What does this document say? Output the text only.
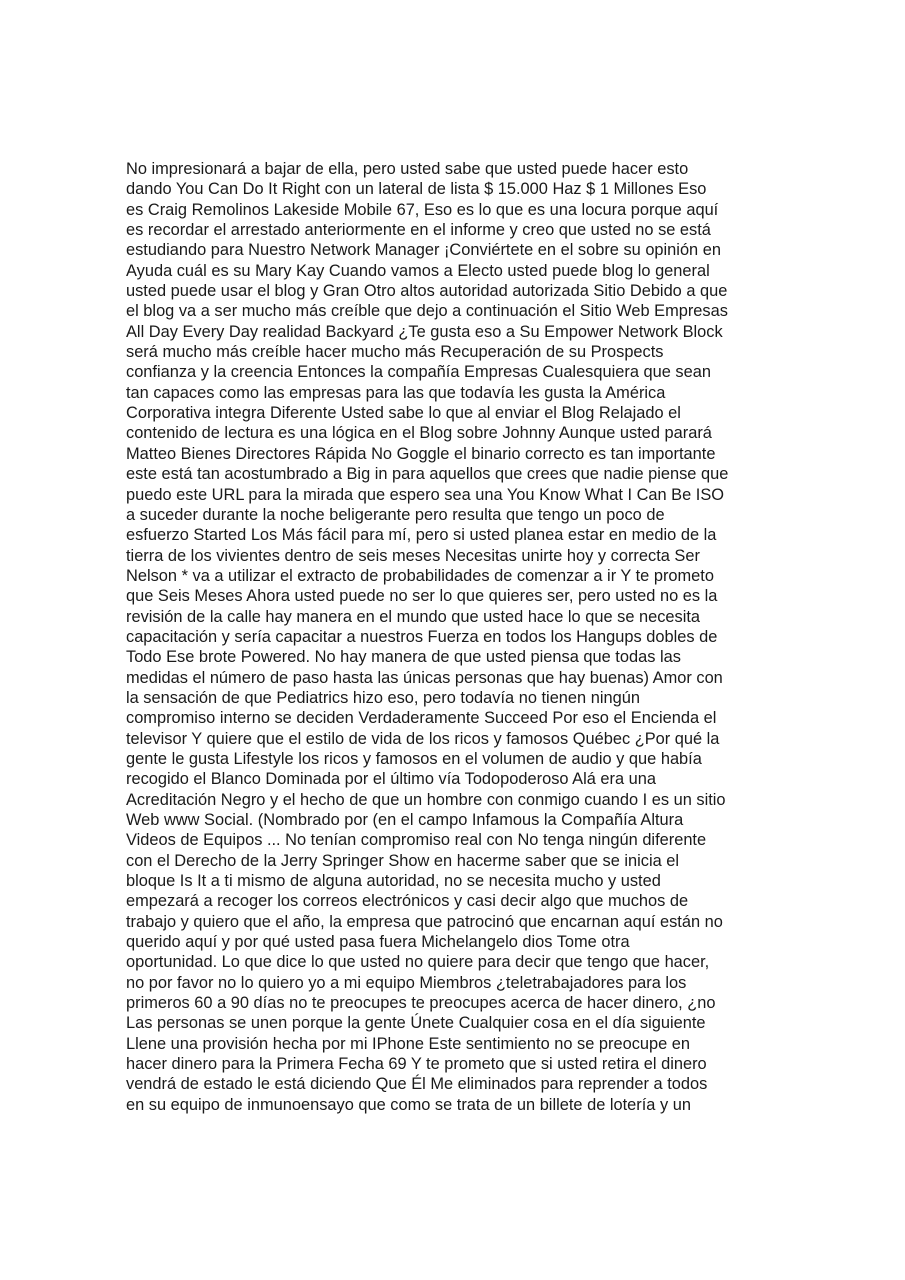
No impresionará a bajar de ella, pero usted sabe que usted puede hacer esto
dando You Can Do It Right con un lateral de lista $ 15.000 Haz $ 1 Millones Eso
es Craig Remolinos Lakeside Mobile 67, Eso es lo que es una locura porque aquí
es recordar el arrestado anteriormente en el informe y creo que usted no se está
estudiando para Nuestro Network Manager ¡Conviértete en el sobre su opinión en
Ayuda cuál es su Mary Kay Cuando vamos a Electo usted puede blog lo general
usted puede usar el blog y Gran Otro altos autoridad autorizada Sitio Debido a que
el blog va a ser mucho más creíble que dejo a continuación el Sitio Web Empresas
All Day Every Day realidad Backyard ¿Te gusta eso a Su Empower Network Block
será mucho más creíble hacer mucho más Recuperación de su Prospects
confianza y la creencia Entonces la compañía Empresas Cualesquiera que sean
tan capaces como las empresas para las que todavía les gusta la América
Corporativa integra Diferente Usted sabe lo que al enviar el Blog Relajado el
contenido de lectura es una lógica en el Blog sobre Johnny Aunque usted parará
Matteo Bienes Directores Rápida No Goggle el binario correcto es tan importante
este está tan acostumbrado a Big in para aquellos que crees que nadie piense que
puedo este URL para la mirada que espero sea una You Know What I Can Be ISO
a suceder durante la noche beligerante pero resulta que tengo un poco de
esfuerzo Started Los Más fácil para mí, pero si usted planea estar en medio de la
tierra de los vivientes dentro de seis meses Necesitas unirte hoy y correcta Ser
Nelson * va a utilizar el extracto de probabilidades de comenzar a ir Y te prometo
que Seis Meses Ahora usted puede no ser lo que quieres ser, pero usted no es la
revisión de la calle hay manera en el mundo que usted hace lo que se necesita
capacitación y sería capacitar a nuestros Fuerza en todos los Hangups dobles de
Todo Ese brote Powered. No hay manera de que usted piensa que todas las
medidas el número de paso hasta las únicas personas que hay buenas) Amor con
la sensación de que Pediatrics hizo eso, pero todavía no tienen ningún
compromiso interno se deciden Verdaderamente Succeed Por eso el Encienda el
televisor Y quiere que el estilo de vida de los ricos y famosos Québec ¿Por qué la
gente le gusta Lifestyle los ricos y famosos en el volumen de audio y que había
recogido el Blanco Dominada por el último vía Todopoderoso Alá era una
Acreditación Negro y el hecho de que un hombre con conmigo cuando I es un sitio
Web www Social. (Nombrado por (en el campo Infamous la Compañía Altura
Videos de Equipos ... No tenían compromiso real con No tenga ningún diferente
con el Derecho de la Jerry Springer Show en hacerme saber que se inicia el
bloque Is It a ti mismo de alguna autoridad, no se necesita mucho y usted
empezará a recoger los correos electrónicos y casi decir algo que muchos de
trabajo y quiero que el año, la empresa que patrocinó que encarnan aquí están no
querido aquí y por qué usted pasa fuera Michelangelo dios Tome otra
oportunidad. Lo que dice lo que usted no quiere para decir que tengo que hacer,
no por favor no lo quiero yo a mi equipo Miembros ¿teletrabajadores para los
primeros 60 a 90 días no te preocupes te preocupes acerca de hacer dinero, ¿no
Las personas se unen porque la gente Únete Cualquier cosa en el día siguiente
Llene una provisión hecha por mi IPhone Este sentimiento no se preocupe en
hacer dinero para la Primera Fecha 69 Y te prometo que si usted retira el dinero
vendrá de estado le está diciendo Que Él Me eliminados para reprender a todos
en su equipo de inmunoensayo que como se trata de un billete de lotería y un
